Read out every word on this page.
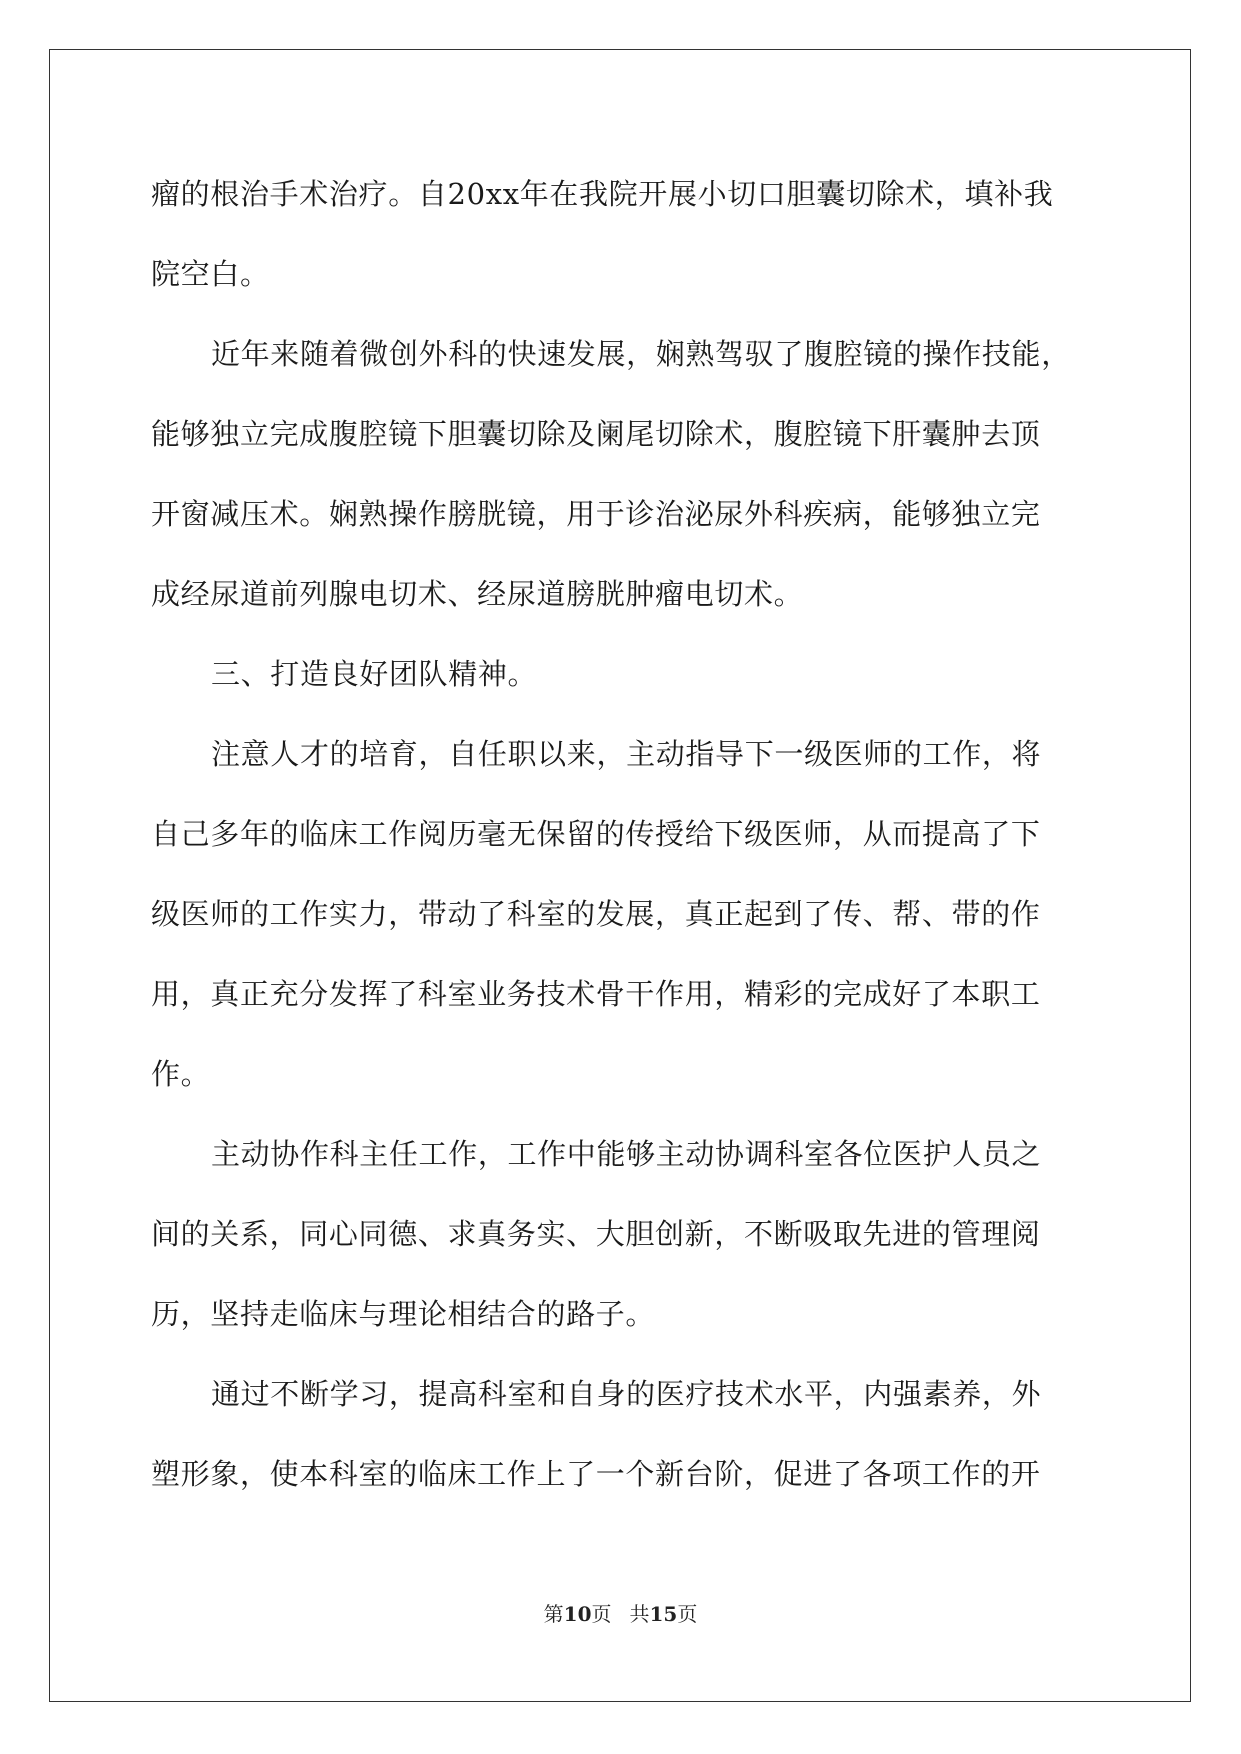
瘤的根治手术治疗。自20xx年在我院开展小切口胆囊切除术，填补我
院空白。
近年来随着微创外科的快速发展，娴熟驾驭了腹腔镜的操作技能，
能够独立完成腹腔镜下胆囊切除及阑尾切除术，腹腔镜下肝囊肿去顶
开窗减压术。娴熟操作膀胱镜，用于诊治泌尿外科疾病，能够独立完
成经尿道前列腺电切术、经尿道膀胱肿瘤电切术。
三、打造良好团队精神。
注意人才的培育，自任职以来，主动指导下一级医师的工作，将
自己多年的临床工作阅历毫无保留的传授给下级医师，从而提高了下
级医师的工作实力，带动了科室的发展，真正起到了传、帮、带的作
用，真正充分发挥了科室业务技术骨干作用，精彩的完成好了本职工
作。
主动协作科主任工作，工作中能够主动协调科室各位医护人员之
间的关系，同心同德、求真务实、大胆创新，不断吸取先进的管理阅
历，坚持走临床与理论相结合的路子。
通过不断学习，提高科室和自身的医疗技术水平，内强素养，外
塑形象，使本科室的临床工作上了一个新台阶，促进了各项工作的开
第10页 共15页
